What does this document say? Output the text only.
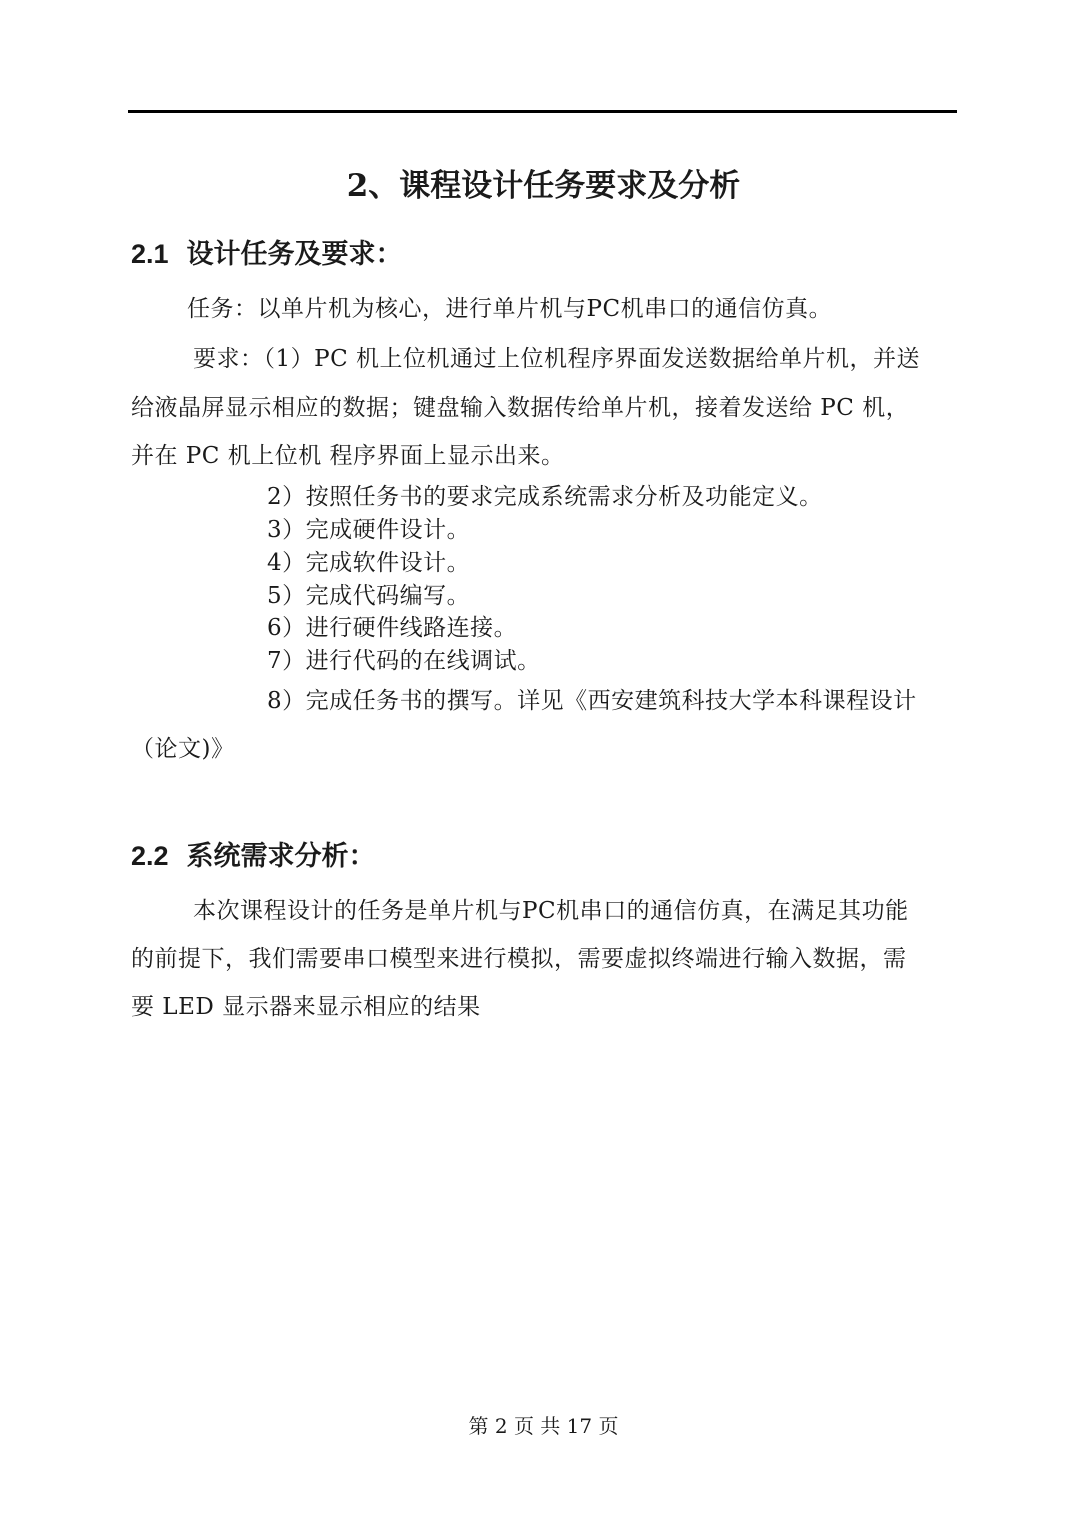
2、课程设计任务要求及分析
2.1 设计任务及要求：
任务：以单片机为核心，进行单片机与PC机串口的通信仿真。
要求：（1）PC 机上位机通过上位机程序界面发送数据给单片机，并送
给液晶屏显示相应的数据；键盘输入数据传给单片机，接着发送给 PC 机，
并在 PC 机上位机 程序界面上显示出来。
2）按照任务书的要求完成系统需求分析及功能定义。
3）完成硬件设计。
4）完成软件设计。
5）完成代码编写。
6）进行硬件线路连接。
7）进行代码的在线调试。
8）完成任务书的撰写。详见《西安建筑科技大学本科课程设计
（论文)》
2.2 系统需求分析：
本次课程设计的任务是单片机与PC机串口的通信仿真，在满足其功能
的前提下，我们需要串口模型来进行模拟，需要虚拟终端进行输入数据，需
要 LED 显示器来显示相应的结果
第 2 页 共 17 页
